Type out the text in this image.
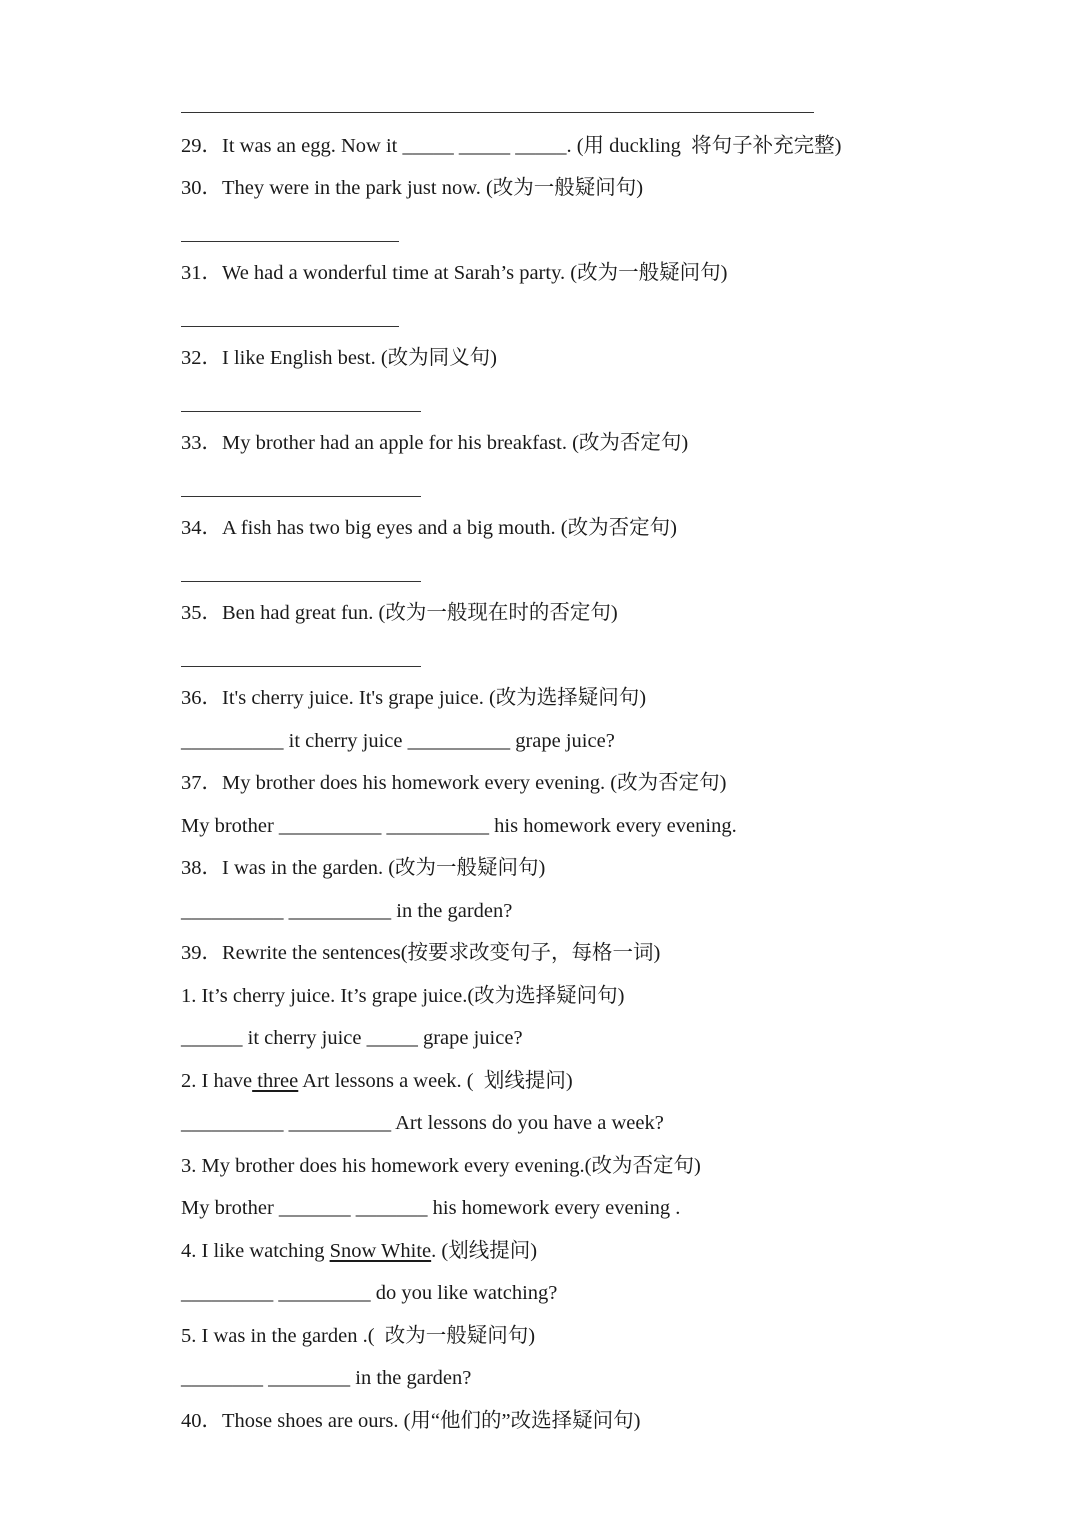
29．It was an egg. Now it _____ _____ _____. (用 duckling  将句子补充完整)
30．They were in the park just now. (改为一般疑问句)
31．We had a wonderful time at Sarah’s party. (改为一般疑问句)
32．I like English best. (改为同义句)
33．My brother had an apple for his breakfast. (改为否定句)
34．A fish has two big eyes and a big mouth. (改为否定句)
35．Ben had great fun. (改为一般现在时的否定句)
36．It's cherry juice. It's grape juice. (改为选择疑问句)
__________ it cherry juice __________ grape juice?
37．My brother does his homework every evening. (改为否定句)
My brother __________ __________ his homework every evening.
38．I was in the garden. (改为一般疑问句)
__________ __________ in the garden?
39．Rewrite the sentences(按要求改变句子，每格一词)
1. It’s cherry juice. It’s grape juice.(改为选择疑问句)
______ it cherry juice _____ grape juice?
2. I have three Art lessons a week. (  划线提问)
__________ __________ Art lessons do you have a week?
3. My brother does his homework every evening.(改为否定句)
My brother _______ _______ his homework every evening .
4. I like watching Snow White. (划线提问)
_________ _________ do you like watching?
5. I was in the garden .(  改为一般疑问句)
________ ________ in the garden?
40．Those shoes are ours. (用“他们的”改选择疑问句)
